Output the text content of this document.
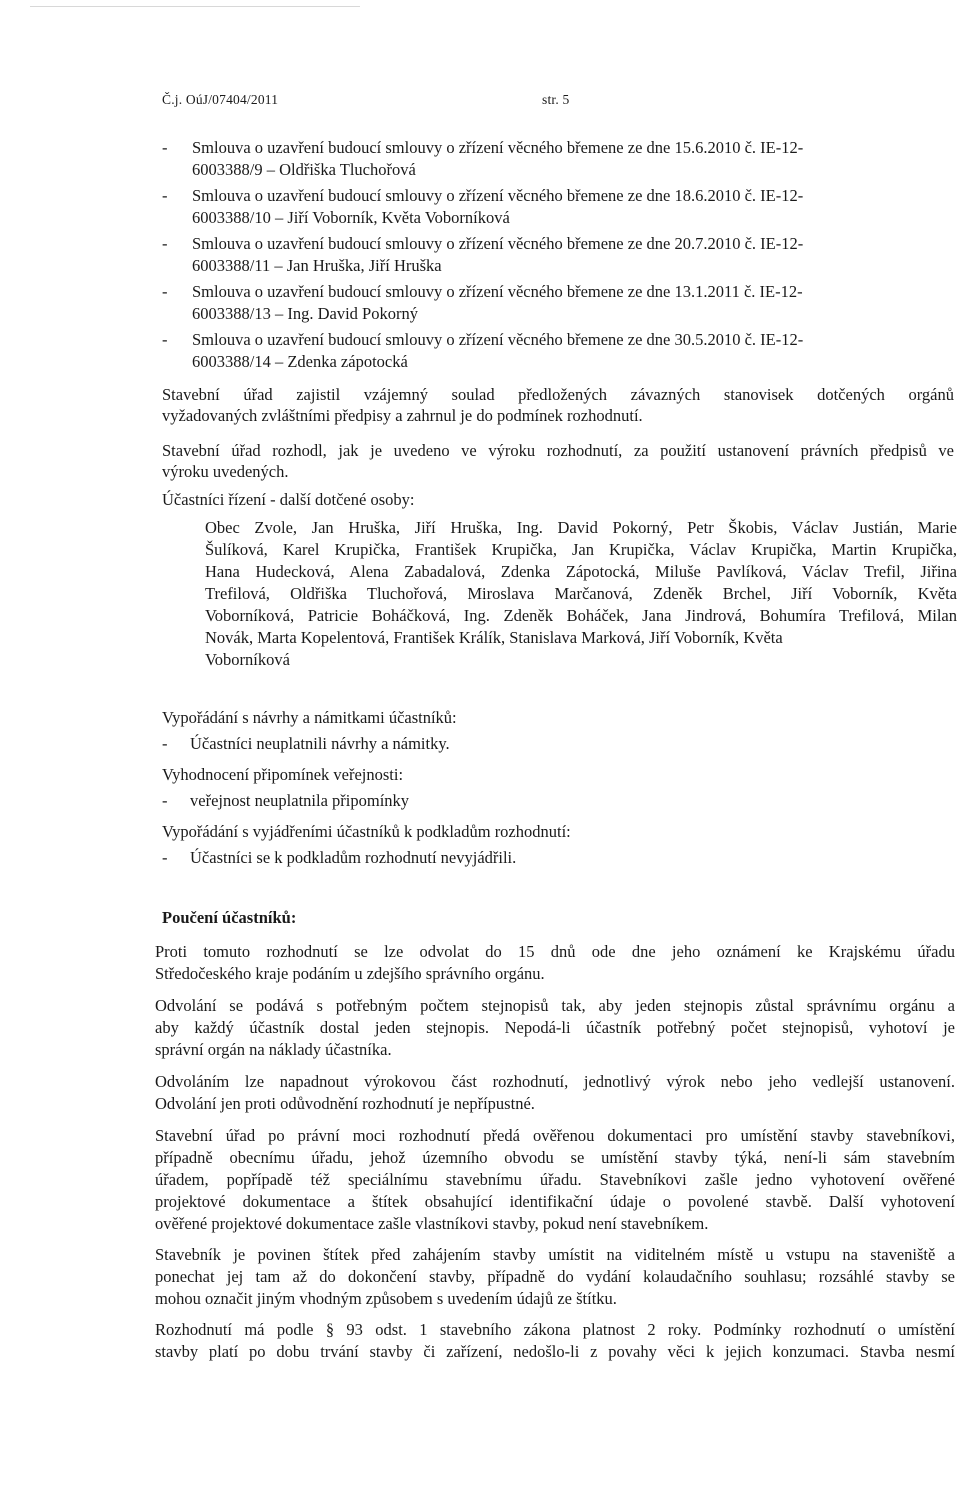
Č.j. OúJ/07404/2011	str. 5
- Smlouva o uzavření budoucí smlouvy o zřízení věcného břemene ze dne 15.6.2010 č. IE-12-
6003388/9 – Oldřiška Tluchořová
- Smlouva o uzavření budoucí smlouvy o zřízení věcného břemene ze dne 18.6.2010 č. IE-12-
6003388/10 – Jiří Voborník, Květa Voborníková
- Smlouva o uzavření budoucí smlouvy o zřízení věcného břemene ze dne 20.7.2010 č. IE-12-
6003388/11 – Jan Hruška, Jiří Hruška
- Smlouva o uzavření budoucí smlouvy o zřízení věcného břemene ze dne 13.1.2011 č. IE-12-
6003388/13 – Ing. David Pokorný
- Smlouva o uzavření budoucí smlouvy o zřízení věcného břemene ze dne 30.5.2010 č. IE-12-
6003388/14 – Zdenka zápotocká
Stavební úřad zajistil vzájemný soulad předložených závazných stanovisek dotčených orgánů
vyžadovaných zvláštními předpisy a zahrnul je do podmínek rozhodnutí.
Stavební úřad rozhodl, jak je uvedeno ve výroku rozhodnutí, za použití ustanovení právních předpisů ve
výroku uvedených.
Účastníci řízení - další dotčené osoby:
Obec Zvole, Jan Hruška, Jiří Hruška, Ing. David Pokorný, Petr Škobis, Václav Justián, Marie
Šulíková, Karel Krupička, František Krupička, Jan Krupička, Václav Krupička, Martin Krupička,
Hana Hudecková, Alena Zabadalová, Zdenka Zápotocká, Miluše Pavlíková, Václav Trefil, Jiřina
Trefilová, Oldřiška Tluchořová, Miroslava Marčanová, Zdeněk Brchel, Jiří Voborník, Květa
Voborníková, Patricie Boháčková, Ing. Zdeněk Boháček, Jana Jindrová, Bohumíra Trefilová, Milan
Novák, Marta Kopelentová, František Králík, Stanislava Marková, Jiří Voborník, Květa
Voborníková
Vypořádání s návrhy a námitkami účastníků:
- Účastníci neuplatnili návrhy a námitky.
Vyhodnocení připomínek veřejnosti:
- veřejnost neuplatnila připomínky
Vypořádání s vyjádřeními účastníků k podkladům rozhodnutí:
- Účastníci se k podkladům rozhodnutí nevyjádřili.
Poučení účastníků:
Proti tomuto rozhodnutí se lze odvolat do 15 dnů ode dne jeho oznámení ke Krajskému úřadu
Středočeského kraje podáním u zdejšího správního orgánu.
Odvolání se podává s potřebným počtem stejnopisů tak, aby jeden stejnopis zůstal správnímu orgánu a
aby každý účastník dostal jeden stejnopis. Nepodá-li účastník potřebný počet stejnopisů, vyhotoví je
správní orgán na náklady účastníka.
Odvoláním lze napadnout výrokovou část rozhodnutí, jednotlivý výrok nebo jeho vedlejší ustanovení.
Odvolání jen proti odůvodnění rozhodnutí je nepřípustné.
Stavební úřad po právní moci rozhodnutí předá ověřenou dokumentaci pro umístění stavby stavebníkovi,
případně obecnímu úřadu, jehož územního obvodu se umístění stavby týká, není-li sám stavebním
úřadem, popřípadě též speciálnímu stavebnímu úřadu. Stavebníkovi zašle jedno vyhotovení ověřené
projektové dokumentace a štítek obsahující identifikační údaje o povolené stavbě. Další vyhotovení
ověřené projektové dokumentace zašle vlastníkovi stavby, pokud není stavebníkem.
Stavebník je povinen štítek před zahájením stavby umístit na viditelném místě u vstupu na staveniště a
ponechat jej tam až do dokončení stavby, případně do vydání kolaudačního souhlasu; rozsáhlé stavby se
mohou označit jiným vhodným způsobem s uvedením údajů ze štítku.
Rozhodnutí má podle § 93 odst. 1 stavebního zákona platnost 2 roky. Podmínky rozhodnutí o umístění
stavby platí po dobu trvání stavby či zařízení, nedošlo-li z povahy věci k jejich konzumaci. Stavba nesmí
